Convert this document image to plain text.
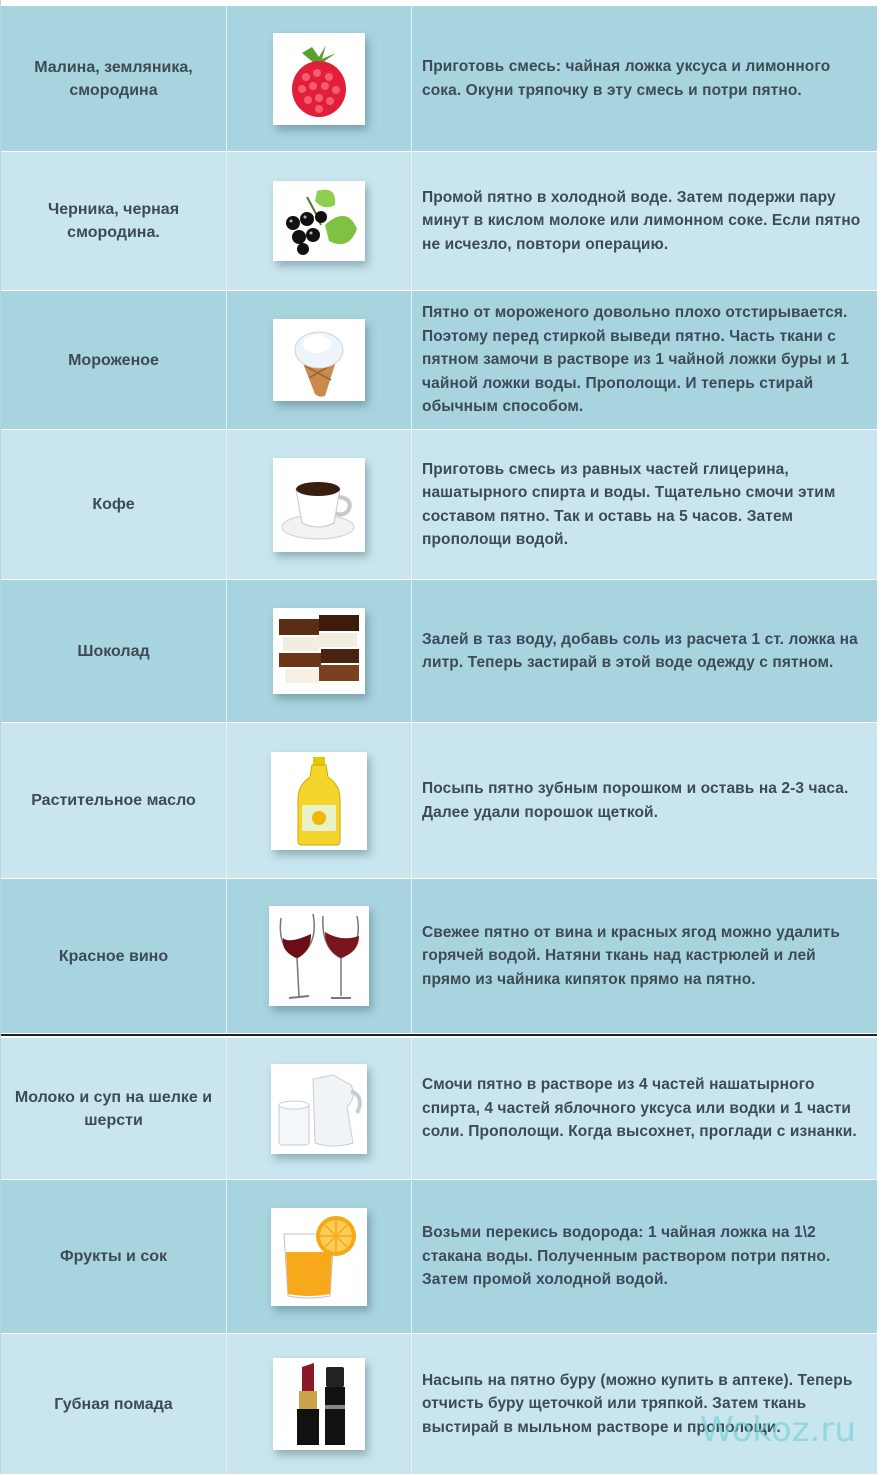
Малина, земляника, смородина
Приготовь смесь: чайная ложка уксуса и лимонного сока. Окуни тряпочку в эту смесь и потри пятно.
Черника, черная смородина.
Промой пятно в холодной воде. Затем подержи пару минут в кислом молоке или лимонном соке. Если пятно не исчезло, повтори операцию.
Мороженое
Пятно от мороженого довольно плохо отстирывается. Поэтому перед стиркой выведи пятно. Часть ткани с пятном замочи в растворе из 1 чайной ложки буры и 1 чайной ложки воды. Прополощи. И теперь стирай обычным способом.
Кофе
Приготовь смесь из равных частей глицерина, нашатырного спирта и воды. Тщательно смочи этим составом пятно. Так и оставь на 5 часов. Затем прополощи водой.
Шоколад
Залей в таз воду, добавь соль из расчета 1 ст. ложка на литр. Теперь застирай в этой воде одежду с пятном.
Растительное масло
Посыпь пятно зубным порошком и оставь на 2-3 часа. Далее удали порошок щеткой.
Красное вино
Свежее пятно от вина и красных ягод можно удалить горячей водой. Натяни ткань над кастрюлей и лей прямо из чайника кипяток прямо на пятно.
Молоко и суп на шелке и шерсти
Смочи пятно в растворе из 4 частей нашатырного спирта, 4 частей яблочного уксуса или водки и 1 части соли. Прополощи. Когда высохнет, проглади с изнанки.
Фрукты и сок
Возьми перекись водорода: 1 чайная ложка на 1\2 стакана воды. Полученным раствором потри пятно. Затем промой холодной водой.
Губная помада
Насыпь на пятно буру (можно купить в аптеке). Теперь отчисть буру щеточкой или тряпкой. Затем ткань выстирай в мыльном растворе и прополощи.
Wokoz.ru
